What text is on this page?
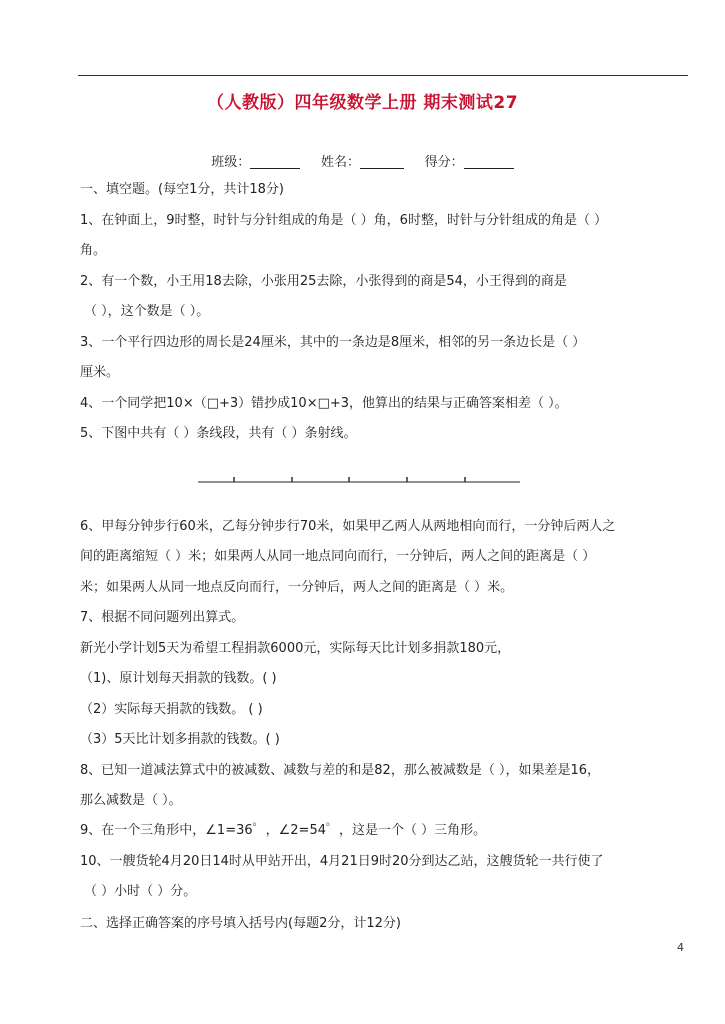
（人教版）四年级数学上册 期末测试27
班级：	姓名：	得分：
一、填空题。(每空1分，共计18分)
1、在钟面上，9时整，时针与分针组成的角是（ ）角，6时整，时针与分针组成的角是（ ）
角。
2、有一个数，小王用18去除，小张用25去除，小张得到的商是54，小王得到的商是
（ ），这个数是（ ）。
3、一个平行四边形的周长是24厘米，其中的一条边是8厘米，相邻的另一条边长是（ ）
厘米。
4、一个同学把10×（□+3）错抄成10×□+3，他算出的结果与正确答案相差（ ）。
5、下图中共有（ ）条线段，共有（ ）条射线。
6、甲每分钟步行60米，乙每分钟步行70米，如果甲乙两人从两地相向而行，一分钟后两人之
间的距离缩短（ ）米；如果两人从同一地点同向而行，一分钟后，两人之间的距离是（ ）
米；如果两人从同一地点反向而行，一分钟后，两人之间的距离是（ ）米。
7、根据不同问题列出算式。
新光小学计划5天为希望工程捐款6000元，实际每天比计划多捐款180元，
（1)、原计划每天捐款的钱数。( )
（2）实际每天捐款的钱数。 ( )
（3）5天比计划多捐款的钱数。( )
8、已知一道减法算式中的被减数、减数与差的和是82，那么被减数是（ ），如果差是16，
那么减数是（ ）。
9、在一个三角形中，∠1=36゜，∠2=54゜，这是一个（ ）三角形。
10、一艘货轮4月20日14时从甲站开出，4月21日9时20分到达乙站，这艘货轮一共行使了
（ ）小时（ ）分。
二、选择正确答案的序号填入括号内(每题2分，计12分)
4
